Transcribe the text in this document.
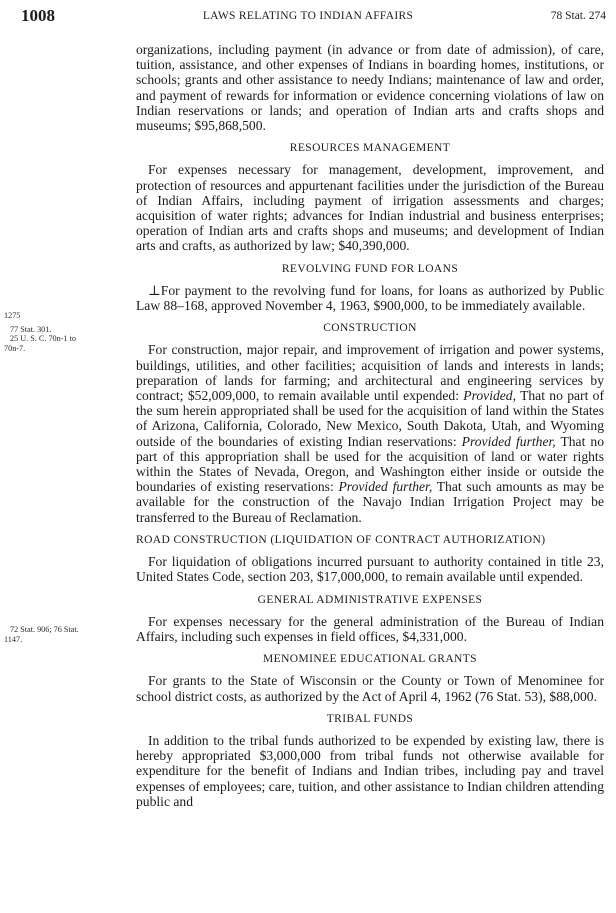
1008	LAWS RELATING TO INDIAN AFFAIRS	78 Stat. 274
1275
77 Stat. 301.
25 U. S. C. 70n-1 to
70n-7.
72 Stat. 906; 76 Stat.
1147.

organizations, including payment (in advance or from date of admission), of care, tuition, assistance, and other expenses of Indians in boarding homes, institutions, or schools; grants and other assistance to needy Indians; maintenance of law and order, and payment of rewards for information or evidence concerning violations of law on Indian reservations or lands; and operation of Indian arts and crafts shops and museums; $95,868,500.

RESOURCES MANAGEMENT

For expenses necessary for management, development, improvement, and protection of resources and appurtenant facilities under the jurisdiction of the Bureau of Indian Affairs, including payment of irrigation assessments and charges; acquisition of water rights; advances for Indian industrial and business enterprises; operation of Indian arts and crafts shops and museums; and development of Indian arts and crafts, as authorized by law; $40,390,000.

REVOLVING FUND FOR LOANS

⊥For payment to the revolving fund for loans, for loans as authorized by Public Law 88–168, approved November 4, 1963, $900,000, to be immediately available.

CONSTRUCTION

For construction, major repair, and improvement of irrigation and power systems, buildings, utilities, and other facilities; acquisition of lands and interests in lands; preparation of lands for farming; and architectural and engineering services by contract; $52,009,000, to remain available until expended: Provided, That no part of the sum herein appropriated shall be used for the acquisition of land within the States of Arizona, California, Colorado, New Mexico, South Dakota, Utah, and Wyoming outside of the boundaries of existing Indian reservations: Provided further, That no part of this appropriation shall be used for the acquisition of land or water rights within the States of Nevada, Oregon, and Washington either inside or outside the boundaries of existing reservations: Provided further, That such amounts as may be available for the construction of the Navajo Indian Irrigation Project may be transferred to the Bureau of Reclamation.

ROAD CONSTRUCTION (LIQUIDATION OF CONTRACT AUTHORIZATION)

For liquidation of obligations incurred pursuant to authority contained in title 23, United States Code, section 203, $17,000,000, to remain available until expended.

GENERAL ADMINISTRATIVE EXPENSES

For expenses necessary for the general administration of the Bureau of Indian Affairs, including such expenses in field offices, $4,331,000.

MENOMINEE EDUCATIONAL GRANTS

For grants to the State of Wisconsin or the County or Town of Menominee for school district costs, as authorized by the Act of April 4, 1962 (76 Stat. 53), $88,000.

TRIBAL FUNDS

In addition to the tribal funds authorized to be expended by existing law, there is hereby appropriated $3,000,000 from tribal funds not otherwise available for expenditure for the benefit of Indians and Indian tribes, including pay and travel expenses of employees; care, tuition, and other assistance to Indian children attending public and
